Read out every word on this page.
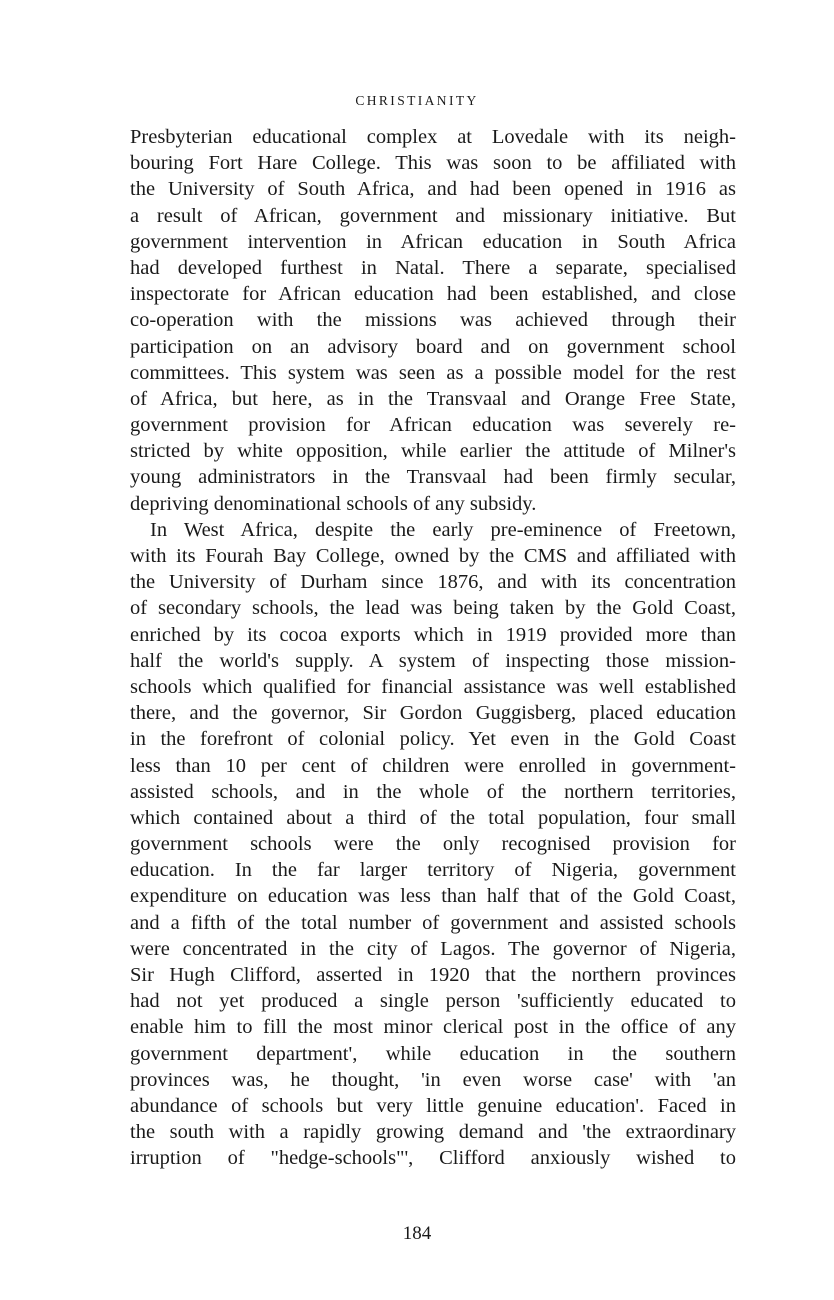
CHRISTIANITY
Presbyterian educational complex at Lovedale with its neigh-
bouring Fort Hare College. This was soon to be affiliated with
the University of South Africa, and had been opened in 1916 as
a result of African, government and missionary initiative. But
government intervention in African education in South Africa
had developed furthest in Natal. There a separate, specialised
inspectorate for African education had been established, and close
co-operation with the missions was achieved through their
participation on an advisory board and on government school
committees. This system was seen as a possible model for the rest
of Africa, but here, as in the Transvaal and Orange Free State,
government provision for African education was severely re-
stricted by white opposition, while earlier the attitude of Milner's
young administrators in the Transvaal had been firmly secular,
depriving denominational schools of any subsidy.
In West Africa, despite the early pre-eminence of Freetown,
with its Fourah Bay College, owned by the CMS and affiliated with
the University of Durham since 1876, and with its concentration
of secondary schools, the lead was being taken by the Gold Coast,
enriched by its cocoa exports which in 1919 provided more than
half the world's supply. A system of inspecting those mission-
schools which qualified for financial assistance was well established
there, and the governor, Sir Gordon Guggisberg, placed education
in the forefront of colonial policy. Yet even in the Gold Coast
less than 10 per cent of children were enrolled in government-
assisted schools, and in the whole of the northern territories,
which contained about a third of the total population, four small
government schools were the only recognised provision for
education. In the far larger territory of Nigeria, government
expenditure on education was less than half that of the Gold Coast,
and a fifth of the total number of government and assisted schools
were concentrated in the city of Lagos. The governor of Nigeria,
Sir Hugh Clifford, asserted in 1920 that the northern provinces
had not yet produced a single person 'sufficiently educated to
enable him to fill the most minor clerical post in the office of any
government department', while education in the southern
provinces was, he thought, 'in even worse case' with 'an
abundance of schools but very little genuine education'. Faced in
the south with a rapidly growing demand and 'the extraordinary
irruption of "hedge-schools"', Clifford anxiously wished to
184
